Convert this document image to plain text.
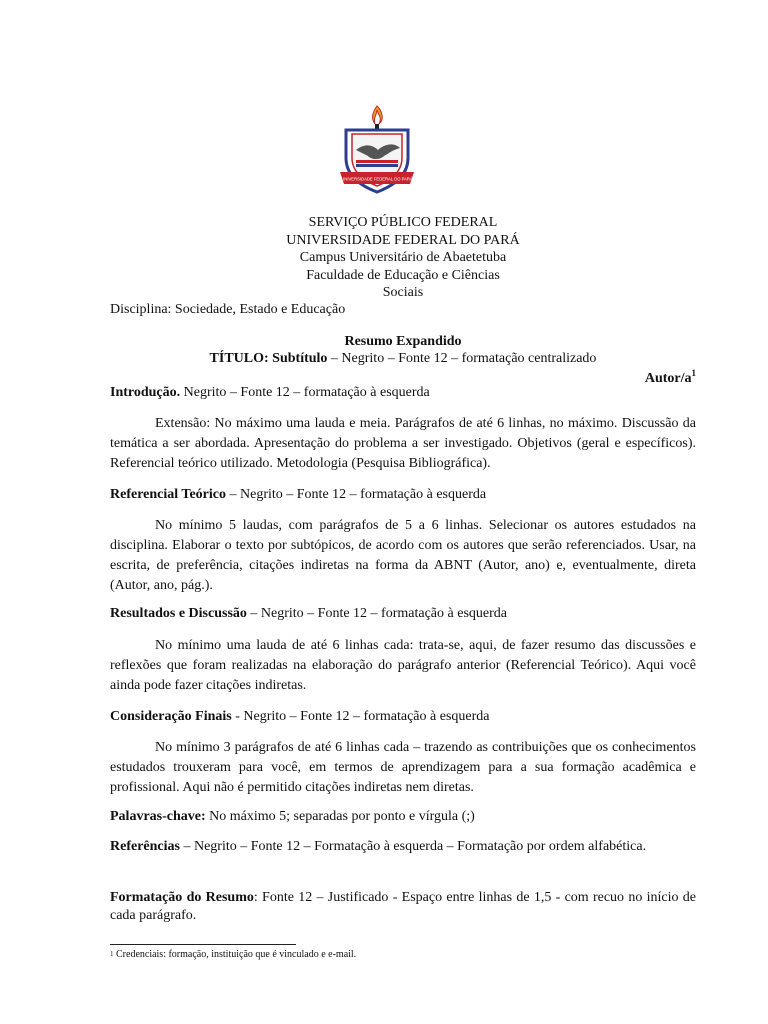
UNIVERSIDADE FEDERAL DO PARÁ
SERVIÇO PÚBLICO FEDERAL
UNIVERSIDADE FEDERAL DO PARÁ
Campus Universitário de Abaetetuba
Faculdade de Educação e Ciências
Sociais
Disciplina: Sociedade, Estado e Educação
Resumo Expandido
TÍTULO: Subtítulo – Negrito – Fonte 12 – formatação centralizado
Autor/$a^1$
Introdução. Negrito – Fonte 12 – formatação à esquerda
Extensão: No máximo uma lauda e meia. Parágrafos de até 6 linhas, no máximo. Discussão da temática a ser abordada. Apresentação do problema a ser investigado. Objetivos (geral e específicos). Referencial teórico utilizado. Metodologia (Pesquisa Bibliográfica).
Referencial Teórico – Negrito – Fonte 12 – formatação à esquerda
No mínimo 5 laudas, com parágrafos de 5 a 6 linhas. Selecionar os autores estudados na disciplina. Elaborar o texto por subtópicos, de acordo com os autores que serão referenciados. Usar, na escrita, de preferência, citações indiretas na forma da ABNT (Autor, ano) e, eventualmente, direta (Autor, ano, pág.).
Resultados e Discussão – Negrito – Fonte 12 – formatação à esquerda
No mínimo uma lauda de até 6 linhas cada: trata-se, aqui, de fazer resumo das discussões e reflexões que foram realizadas na elaboração do parágrafo anterior (Referencial Teórico). Aqui você ainda pode fazer citações indiretas.
Consideração Finais - Negrito – Fonte 12 – formatação à esquerda
No mínimo 3 parágrafos de até 6 linhas cada – trazendo as contribuições que os conhecimentos estudados trouxeram para você, em termos de aprendizagem para a sua formação acadêmica e profissional. Aqui não é permitido citações indiretas nem diretas.
Palavras-chave: No máximo 5; separadas por ponto e vírgula (;)
Referências – Negrito – Fonte 12 – Formatação à esquerda – Formatação por ordem alfabética.
Formatação do Resumo: Fonte 12 – Justificado - Espaço entre linhas de 1,5 - com recuo no início de cada parágrafo.
$^1$ Credenciais: formação, instituição que é vinculado e e-mail.
